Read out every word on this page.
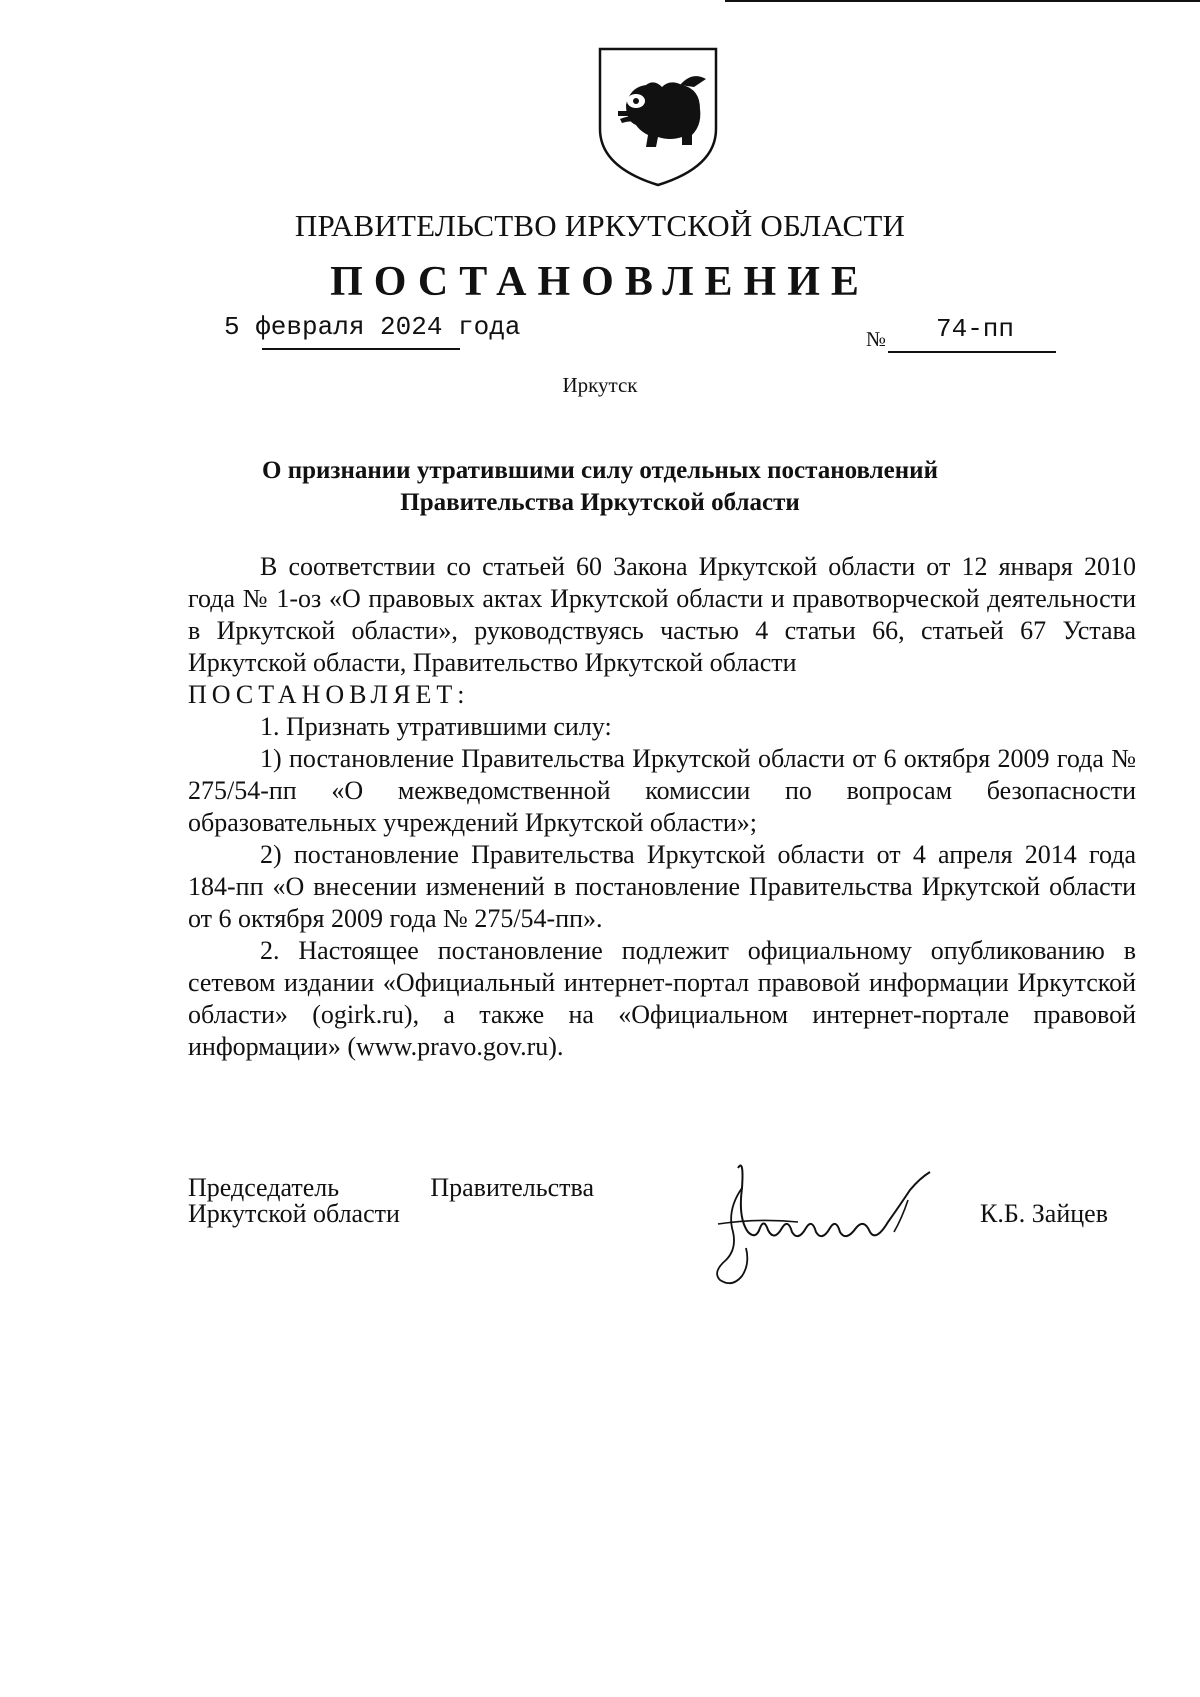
ПРАВИТЕЛЬСТВО ИРКУТСКОЙ ОБЛАСТИ
ПОСТАНОВЛЕНИЕ
5 февраля 2024 года	№ 74-пп
Иркутск
О признании утратившими силу отдельных постановлений
Правительства Иркутской области

В соответствии со статьей 60 Закона Иркутской области от 12 января 2010 года № 1-оз «О правовых актах Иркутской области и правотворческой деятельности в Иркутской области», руководствуясь частью 4 статьи 66, статьей 67 Устава Иркутской области, Правительство Иркутской области

ПОСТАНОВЛЯЕТ:

1. Признать утратившими силу:

1) постановление Правительства Иркутской области от 6 октября 2009 года № 275/54-пп «О межведомственной комиссии по вопросам безопасности образовательных учреждений Иркутской области»;

2) постановление Правительства Иркутской области от 4 апреля 2014 года 184-пп «О внесении изменений в постановление Правительства Иркутской области от 6 октября 2009 года № 275/54-пп».

2. Настоящее постановление подлежит официальному опубликованию в сетевом издании «Официальный интернет-портал правовой информации Иркутской области» (ogirk.ru), а также на «Официальном интернет-портале правовой информации» (www.pravo.gov.ru).

Председатель Правительства
Иркутской области	К.Б. Зайцев
